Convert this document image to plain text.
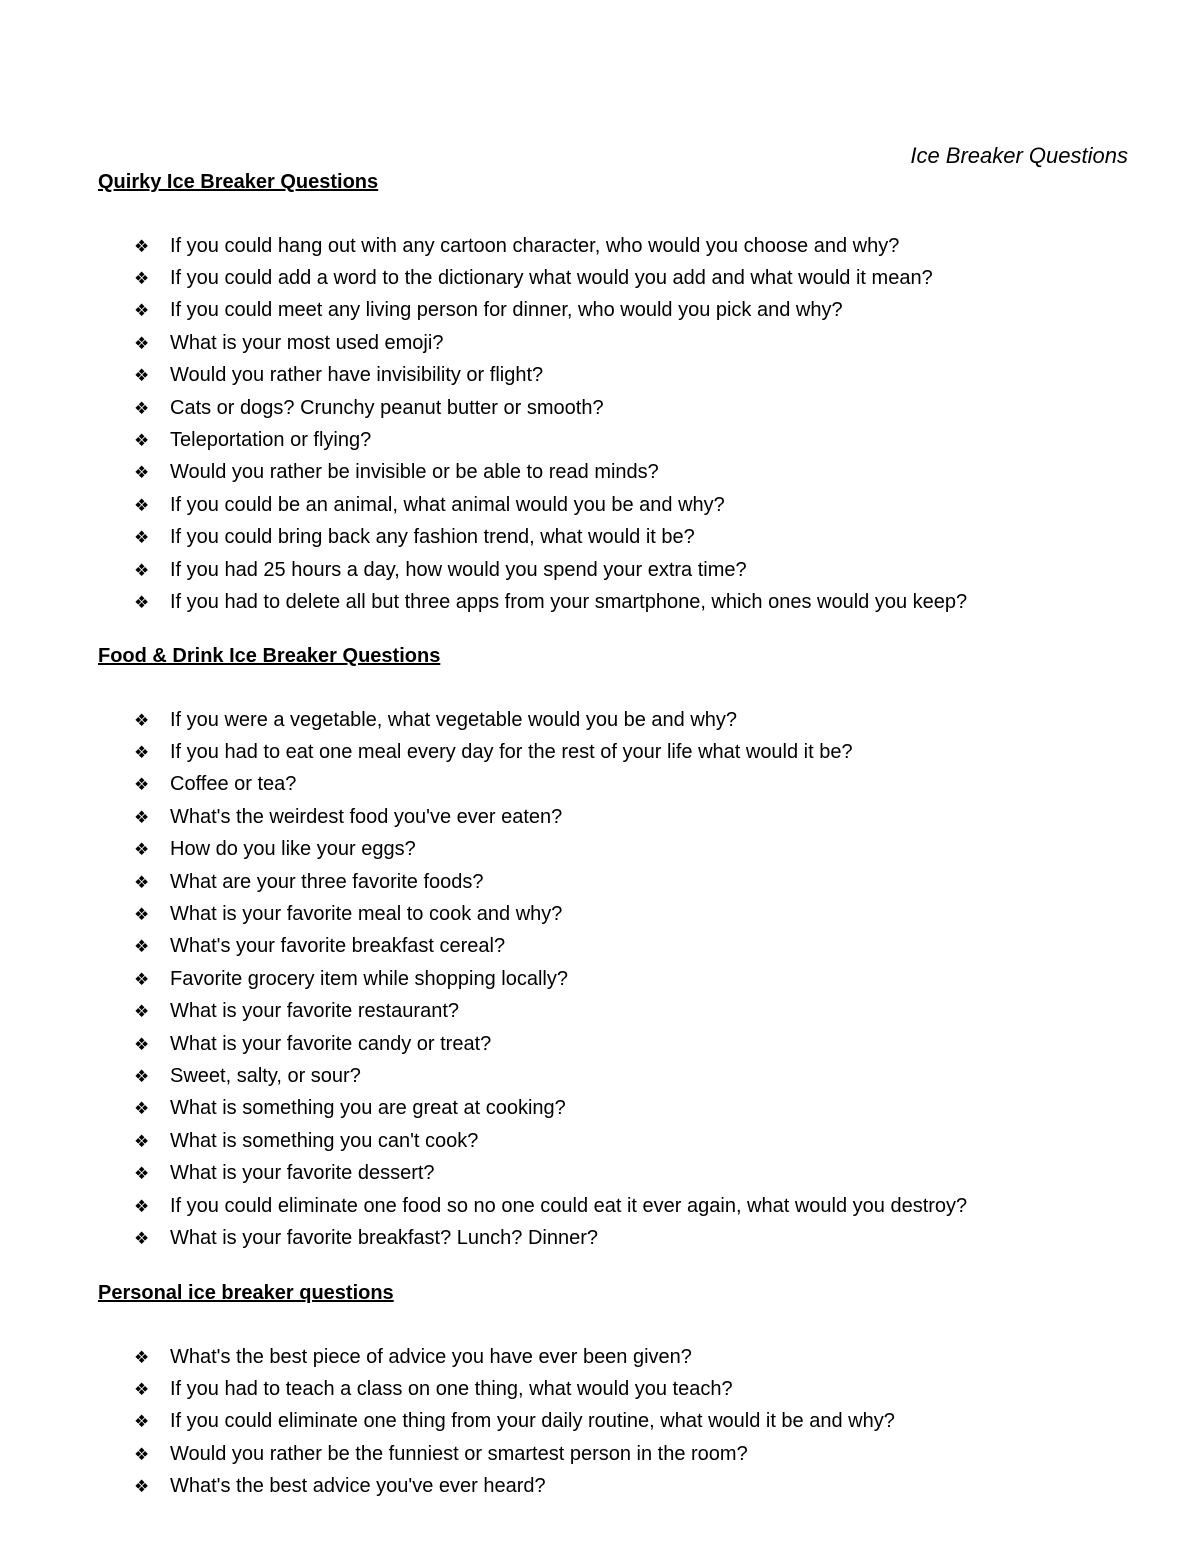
Ice Breaker Questions
Quirky Ice Breaker Questions
❖	If you could hang out with any cartoon character, who would you choose and why?
❖	If you could add a word to the dictionary what would you add and what would it mean?
❖	If you could meet any living person for dinner, who would you pick and why?
❖	What is your most used emoji?
❖	Would you rather have invisibility or flight?
❖	Cats or dogs? Crunchy peanut butter or smooth?
❖	Teleportation or flying?
❖	Would you rather be invisible or be able to read minds?
❖	If you could be an animal, what animal would you be and why?
❖	If you could bring back any fashion trend, what would it be?
❖	If you had 25 hours a day, how would you spend your extra time?
❖	If you had to delete all but three apps from your smartphone, which ones would you keep?
Food & Drink Ice Breaker Questions
❖	If you were a vegetable, what vegetable would you be and why?
❖	If you had to eat one meal every day for the rest of your life what would it be?
❖	Coffee or tea?
❖	What's the weirdest food you've ever eaten?
❖	How do you like your eggs?
❖	What are your three favorite foods?
❖	What is your favorite meal to cook and why?
❖	What's your favorite breakfast cereal?
❖	Favorite grocery item while shopping locally?
❖	What is your favorite restaurant?
❖	What is your favorite candy or treat?
❖	Sweet, salty, or sour?
❖	What is something you are great at cooking?
❖	What is something you can't cook?
❖	What is your favorite dessert?
❖	If you could eliminate one food so no one could eat it ever again, what would you destroy?
❖	What is your favorite breakfast? Lunch? Dinner?
Personal ice breaker questions
❖	What's the best piece of advice you have ever been given?
❖	If you had to teach a class on one thing, what would you teach?
❖	If you could eliminate one thing from your daily routine, what would it be and why?
❖	Would you rather be the funniest or smartest person in the room?
❖	What's the best advice you've ever heard?
